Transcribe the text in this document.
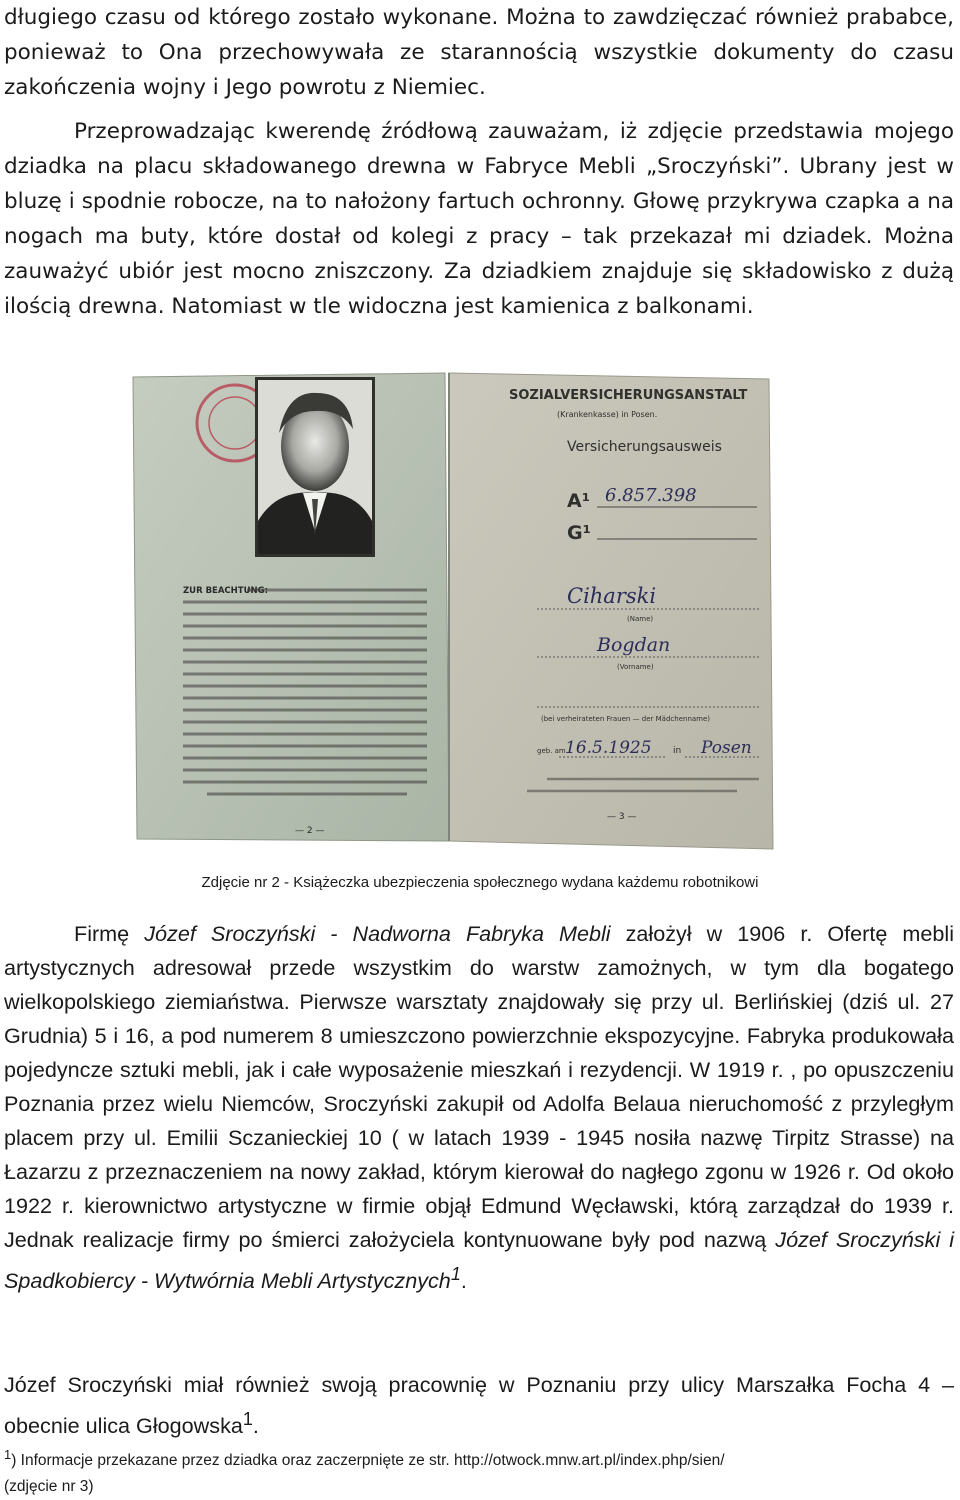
długiego czasu od którego zostało wykonane. Można to zawdzięczać również prababce, ponieważ to Ona przechowywała ze starannością wszystkie dokumenty do czasu zakończenia wojny i Jego powrotu z Niemiec.
Przeprowadzając kwerendę źródłową zauważam, iż zdjęcie przedstawia mojego dziadka na placu składowanego drewna w Fabryce Mebli „Sroczyński”. Ubrany jest w bluzę i spodnie robocze, na to nałożony fartuch ochronny. Głowę przykrywa czapka a na nogach ma buty, które dostał od kolegi z pracy – tak przekazał mi dziadek. Można zauważyć ubiór jest mocno zniszczony. Za dziadkiem znajduje się składowisko z dużą ilością drewna. Natomiast w tle widoczna jest kamienica z balkonami.
ZUR BEACHTUNG:
— 2 —
SOZIALVERSICHERUNGSANSTALT
(Krankenkasse) in Posen.
Versicherungsausweis
A¹ 6.857.398
G¹
Ciharski
(Name)
Bogdan
(Vorname)
(bei verheirateten Frauen — der Mädchenname)
geb. am 16.5.1925 in Posen
— 3 —
Zdjęcie nr 2 - Książeczka ubezpieczenia społecznego wydana każdemu robotnikowi
Firmę Józef Sroczyński - Nadworna Fabryka Mebli założył w 1906 r. Ofertę mebli artystycznych adresował przede wszystkim do warstw zamożnych, w tym dla bogatego wielkopolskiego ziemiaństwa. Pierwsze warsztaty znajdowały się przy ul. Berlińskiej (dziś ul. 27 Grudnia) 5 i 16, a pod numerem 8 umieszczono powierzchnie ekspozycyjne. Fabryka produkowała pojedyncze sztuki mebli, jak i całe wyposażenie mieszkań i rezydencji. W 1919 r. , po opuszczeniu Poznania przez wielu Niemców, Sroczyński zakupił od Adolfa Belaua nieruchomość z przyległym placem przy ul. Emilii Sczanieckiej 10 ( w latach 1939 - 1945 nosiła nazwę Tirpitz Strasse) na Łazarzu z przeznaczeniem na nowy zakład, którym kierował do nagłego zgonu w 1926 r. Od około 1922 r. kierownictwo artystyczne w firmie objął Edmund Węcławski, którą zarządzał do 1939 r. Jednak realizacje firmy po śmierci założyciela kontynuowane były pod nazwą Józef Sroczyński i Spadkobiercy - Wytwórnia Mebli Artystycznych$^1$.
Józef Sroczyński miał również swoją pracownię w Poznaniu przy ulicy Marszałka Focha 4 – obecnie ulica Głogowska$^1$.
$^1$) Informacje przekazane przez dziadka oraz zaczerpnięte ze str. http://otwock.mnw.art.pl/index.php/sien/
(zdjęcie nr 3)
